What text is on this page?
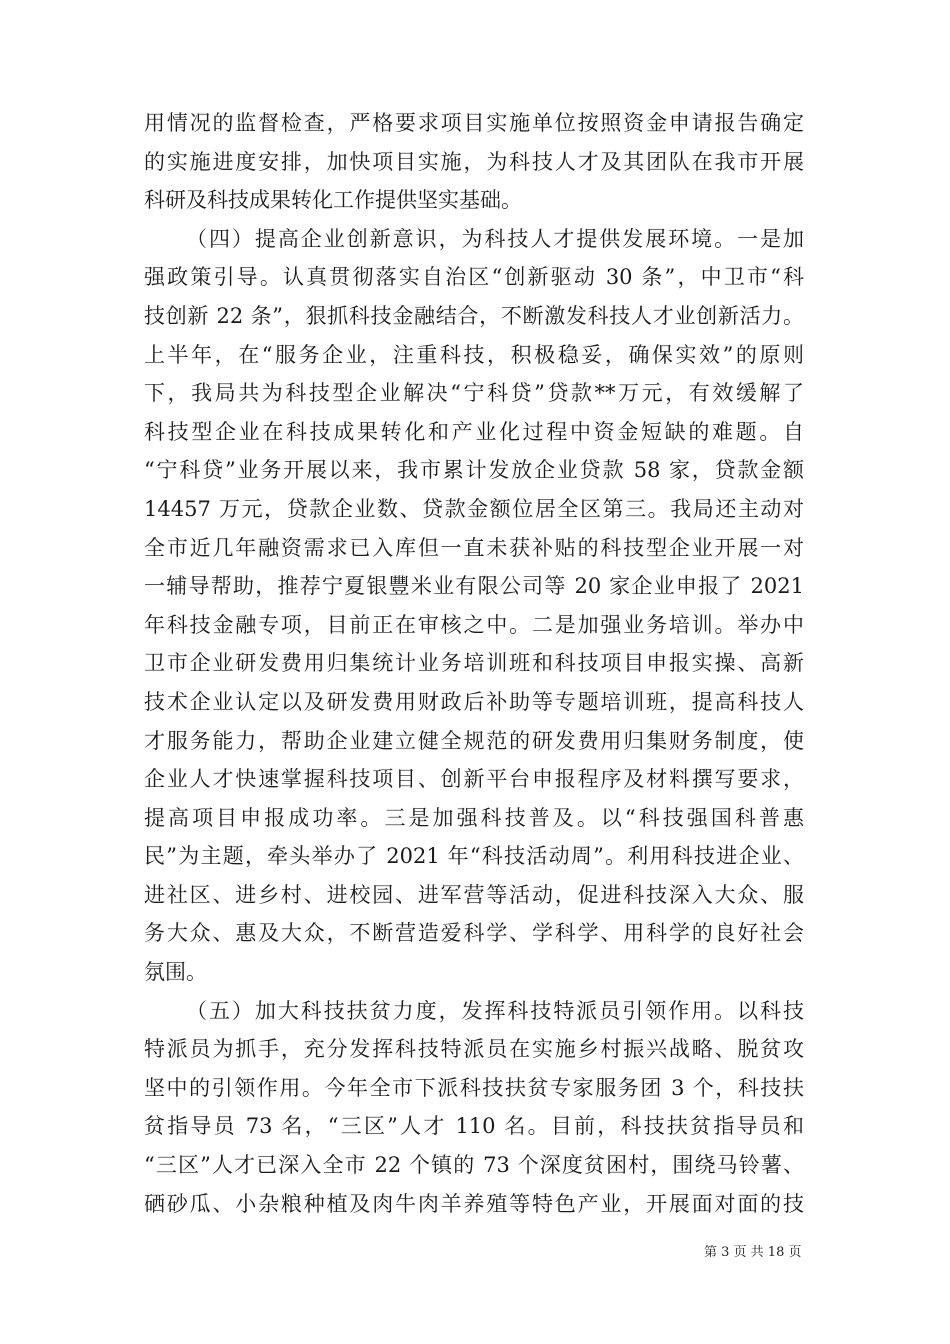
用情况的监督检查，严格要求项目实施单位按照资金申请报告确定
的实施进度安排，加快项目实施，为科技人才及其团队在我市开展
科研及科技成果转化工作提供坚实基础。
（四）提高企业创新意识，为科技人才提供发展环境。一是加
强政策引导。认真贯彻落实自治区“创新驱动 30 条”，中卫市“科
技创新 22 条”，狠抓科技金融结合，不断激发科技人才业创新活力。
上半年，在“服务企业，注重科技，积极稳妥，确保实效”的原则
下，我局共为科技型企业解决“宁科贷”贷款**万元，有效缓解了
科技型企业在科技成果转化和产业化过程中资金短缺的难题。自
“宁科贷”业务开展以来，我市累计发放企业贷款 58 家，贷款金额
14457 万元，贷款企业数、贷款金额位居全区第三。我局还主动对
全市近几年融资需求已入库但一直未获补贴的科技型企业开展一对
一辅导帮助，推荐宁夏银豐米业有限公司等 20 家企业申报了 2021
年科技金融专项，目前正在审核之中。二是加强业务培训。举办中
卫市企业研发费用归集统计业务培训班和科技项目申报实操、高新
技术企业认定以及研发费用财政后补助等专题培训班，提高科技人
才服务能力，帮助企业建立健全规范的研发费用归集财务制度，使
企业人才快速掌握科技项目、创新平台申报程序及材料撰写要求，
提高项目申报成功率。三是加强科技普及。以“科技强国科普惠
民”为主题，牵头举办了 2021 年“科技活动周”。利用科技进企业、
进社区、进乡村、进校园、进军营等活动，促进科技深入大众、服
务大众、惠及大众，不断营造爱科学、学科学、用科学的良好社会
氛围。
（五）加大科技扶贫力度，发挥科技特派员引领作用。以科技
特派员为抓手，充分发挥科技特派员在实施乡村振兴战略、脱贫攻
坚中的引领作用。今年全市下派科技扶贫专家服务团 3 个，科技扶
贫指导员 73 名，“三区”人才 110 名。目前，科技扶贫指导员和
“三区”人才已深入全市 22 个镇的 73 个深度贫困村，围绕马铃薯、
硒砂瓜、小杂粮种植及肉牛肉羊养殖等特色产业，开展面对面的技
第 3 页 共 18 页
